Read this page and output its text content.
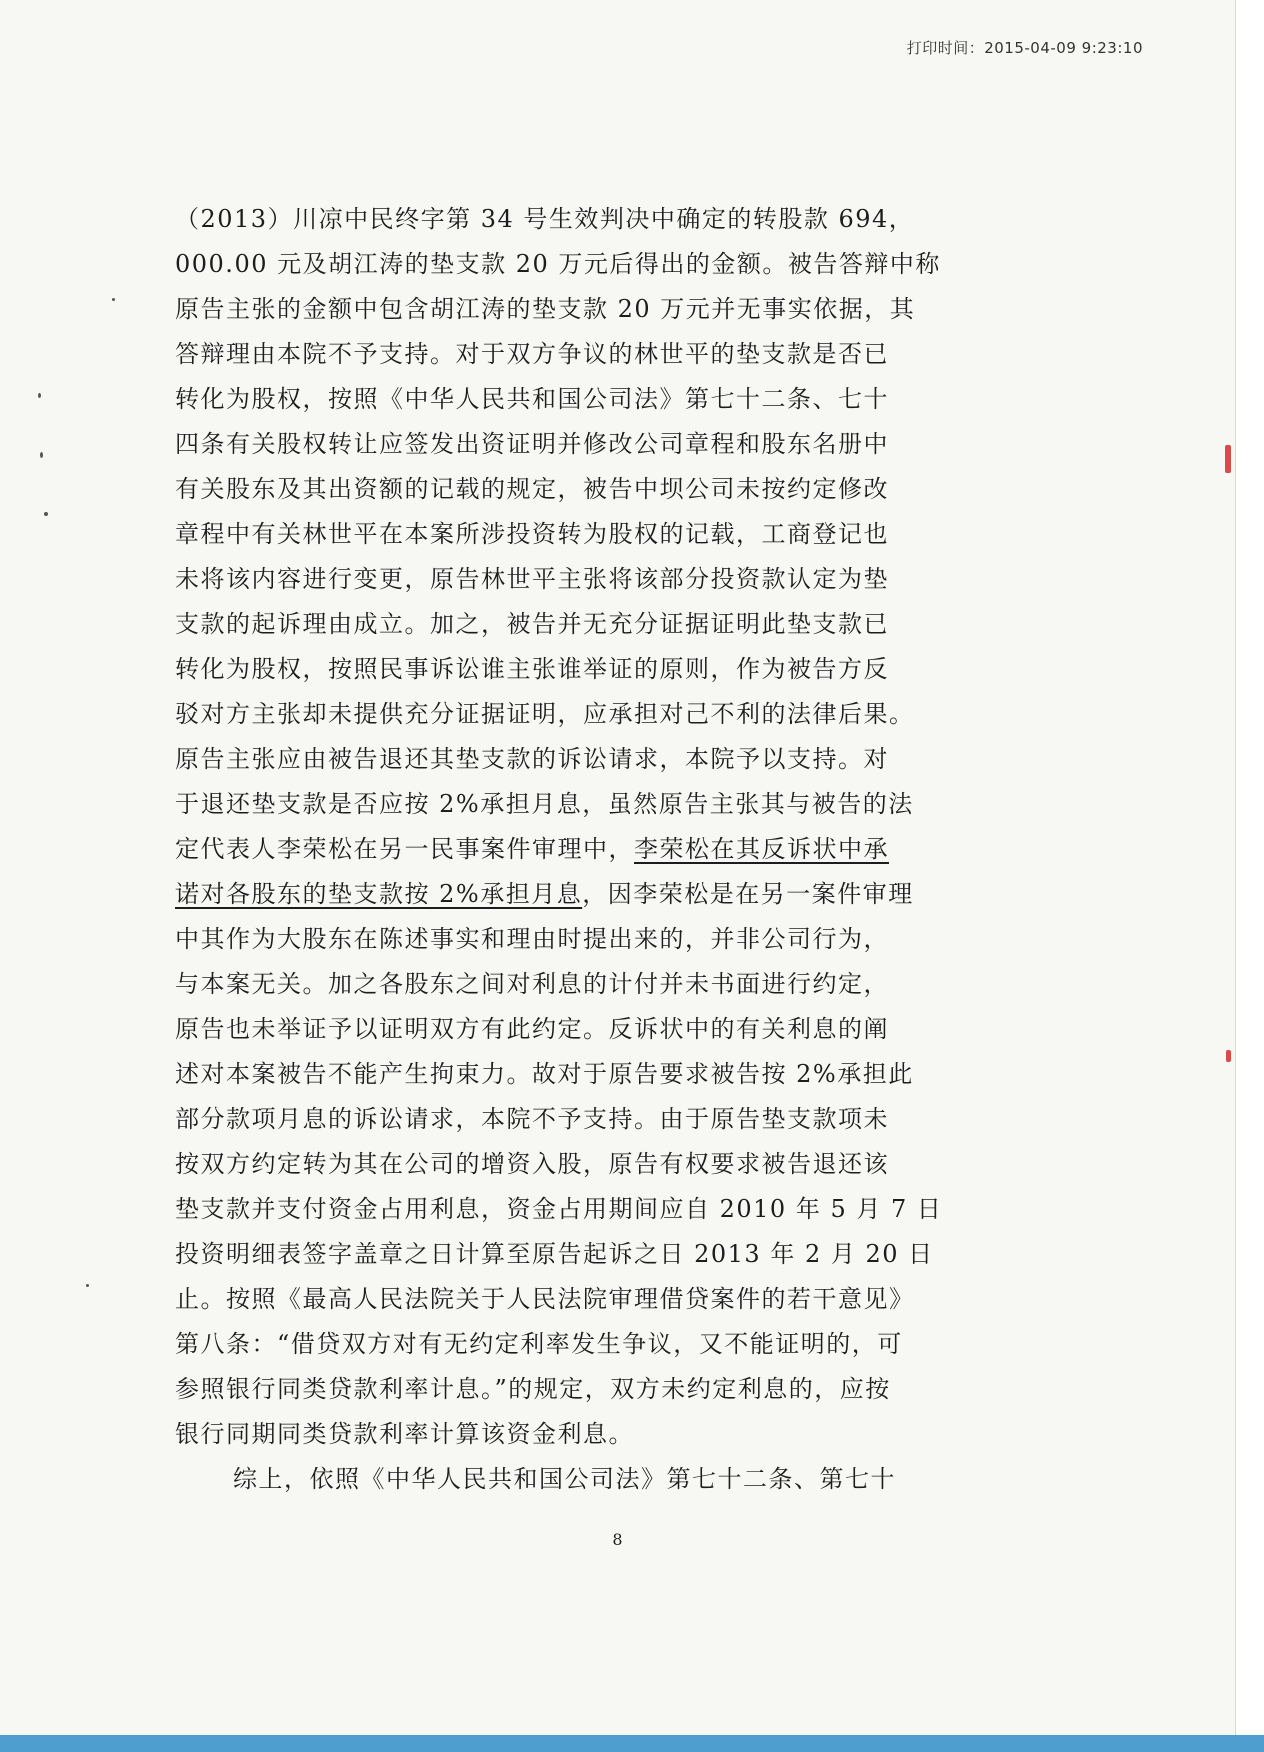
打印时间：2015-04-09 9:23:10
（2013）川凉中民终字第 34 号生效判决中确定的转股款 694，
000.00 元及胡江涛的垫支款 20 万元后得出的金额。被告答辩中称
原告主张的金额中包含胡江涛的垫支款 20 万元并无事实依据，其
答辩理由本院不予支持。对于双方争议的林世平的垫支款是否已
转化为股权，按照《中华人民共和国公司法》第七十二条、七十
四条有关股权转让应签发出资证明并修改公司章程和股东名册中
有关股东及其出资额的记载的规定，被告中坝公司未按约定修改
章程中有关林世平在本案所涉投资转为股权的记载，工商登记也
未将该内容进行变更，原告林世平主张将该部分投资款认定为垫
支款的起诉理由成立。加之，被告并无充分证据证明此垫支款已
转化为股权，按照民事诉讼谁主张谁举证的原则，作为被告方反
驳对方主张却未提供充分证据证明，应承担对己不利的法律后果。
原告主张应由被告退还其垫支款的诉讼请求，本院予以支持。对
于退还垫支款是否应按 2%承担月息，虽然原告主张其与被告的法
定代表人李荣松在另一民事案件审理中，李荣松在其反诉状中承
诺对各股东的垫支款按 2%承担月息，因李荣松是在另一案件审理
中其作为大股东在陈述事实和理由时提出来的，并非公司行为，
与本案无关。加之各股东之间对利息的计付并未书面进行约定，
原告也未举证予以证明双方有此约定。反诉状中的有关利息的阐
述对本案被告不能产生拘束力。故对于原告要求被告按 2%承担此
部分款项月息的诉讼请求，本院不予支持。由于原告垫支款项未
按双方约定转为其在公司的增资入股，原告有权要求被告退还该
垫支款并支付资金占用利息，资金占用期间应自 2010 年 5 月 7 日
投资明细表签字盖章之日计算至原告起诉之日 2013 年 2 月 20 日
止。按照《最高人民法院关于人民法院审理借贷案件的若干意见》
第八条：“借贷双方对有无约定利率发生争议，又不能证明的，可
参照银行同类贷款利率计息。”的规定，双方未约定利息的，应按
银行同期同类贷款利率计算该资金利息。
综上，依照《中华人民共和国公司法》第七十二条、第七十
8
